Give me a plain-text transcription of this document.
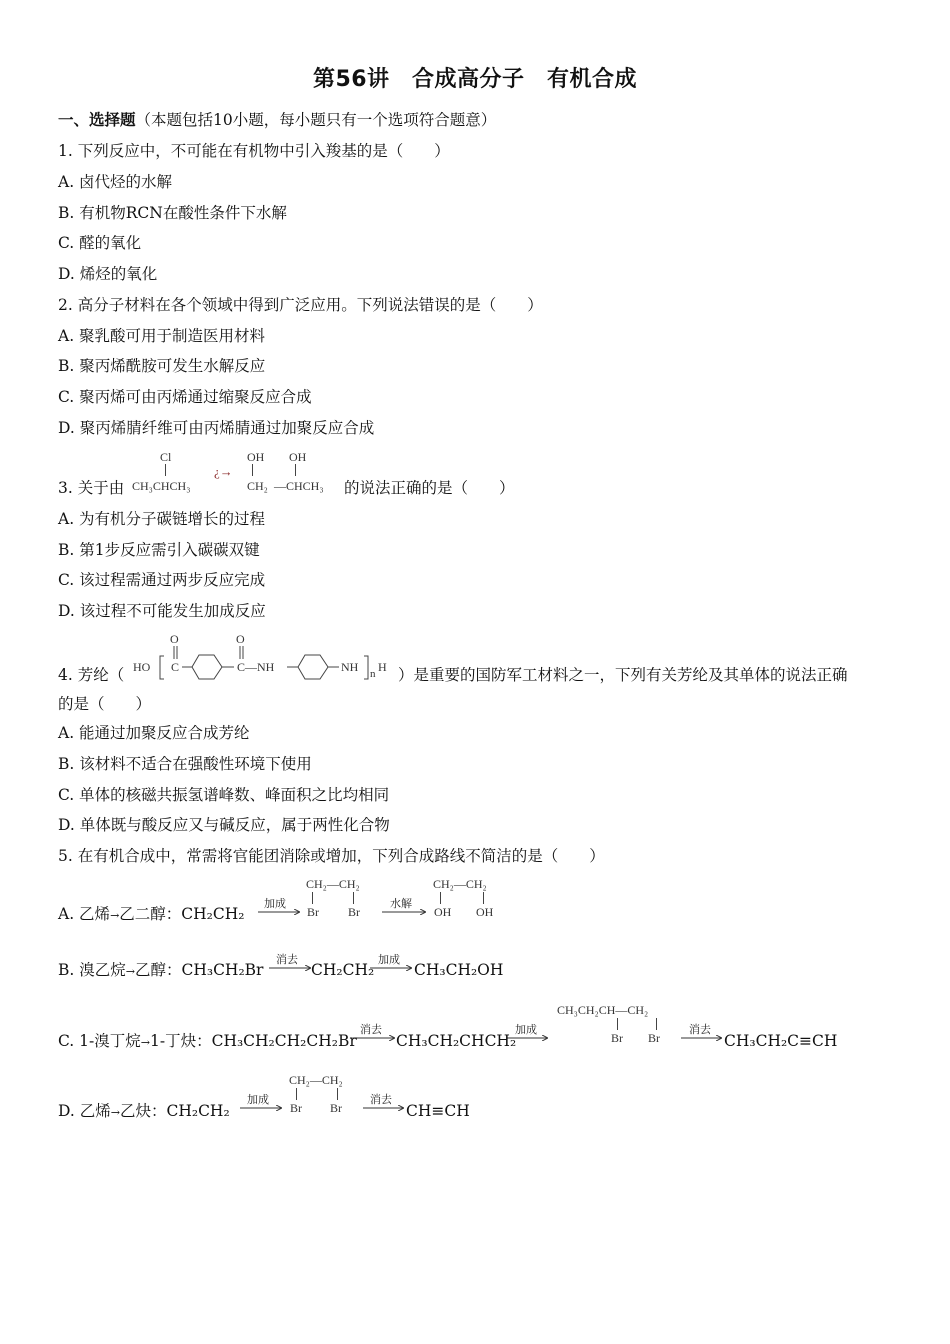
第56讲　合成高分子　有机合成
一、选择题（本题包括10小题，每小题只有一个选项符合题意）
1. 下列反应中，不可能在有机物中引入羧基的是（　　）
A. 卤代烃的水解
B. 有机物RCN在酸性条件下水解
C. 醛的氧化
D. 烯烃的氧化
2. 高分子材料在各个领域中得到广泛应用。下列说法错误的是（　　）
A. 聚乳酸可用于制造医用材料
B. 聚丙烯酰胺可发生水解反应
C. 聚丙烯可由丙烯通过缩聚反应合成
D. 聚丙烯腈纤维可由丙烯腈通过加聚反应合成
3. 关于由
Cl
CH₃CHCH₃
¿→
OH OH
CH₂ —CHCH₃ 的说法正确的是（　　）
A. 为有机分子碳链增长的过程
B. 第1步反应需引入碳碳双键
C. 该过程需通过两步反应完成
D. 该过程不可能发生加成反应
4. 芳纶（ HO
O
C
O
C—NH	NH n H ）是重要的国防军工材料之一，下列有关芳纶及其单体的说法正确
的是（　　）
A. 能通过加聚反应合成芳纶
B. 该材料不适合在强酸性环境下使用
C. 单体的核磁共振氢谱峰数、峰面积之比均相同
D. 单体既与酸反应又与碱反应，属于两性化合物
5. 在有机合成中，常需将官能团消除或增加，下列合成路线不简洁的是（　　）
A. 乙烯→乙二醇：CH₂CH₂
加成
CH₂—CH₂
Br Br
水解
CH₂—CH₂
OH OH
B. 溴乙烷→乙醇：CH₃CH₂Br
消去
CH₂CH₂
加成
CH₃CH₂OH
C. 1-溴丁烷→1-丁炔：CH₃CH₂CH₂CH₂Br
消去
CH₃CH₂CHCH₂
加成
CH₃CH₂CH—CH₂
Br Br
消去
CH₃CH₂C≡CH
D. 乙烯→乙炔：CH₂CH₂
加成
CH₂—CH₂
Br Br
消去
CH≡CH
